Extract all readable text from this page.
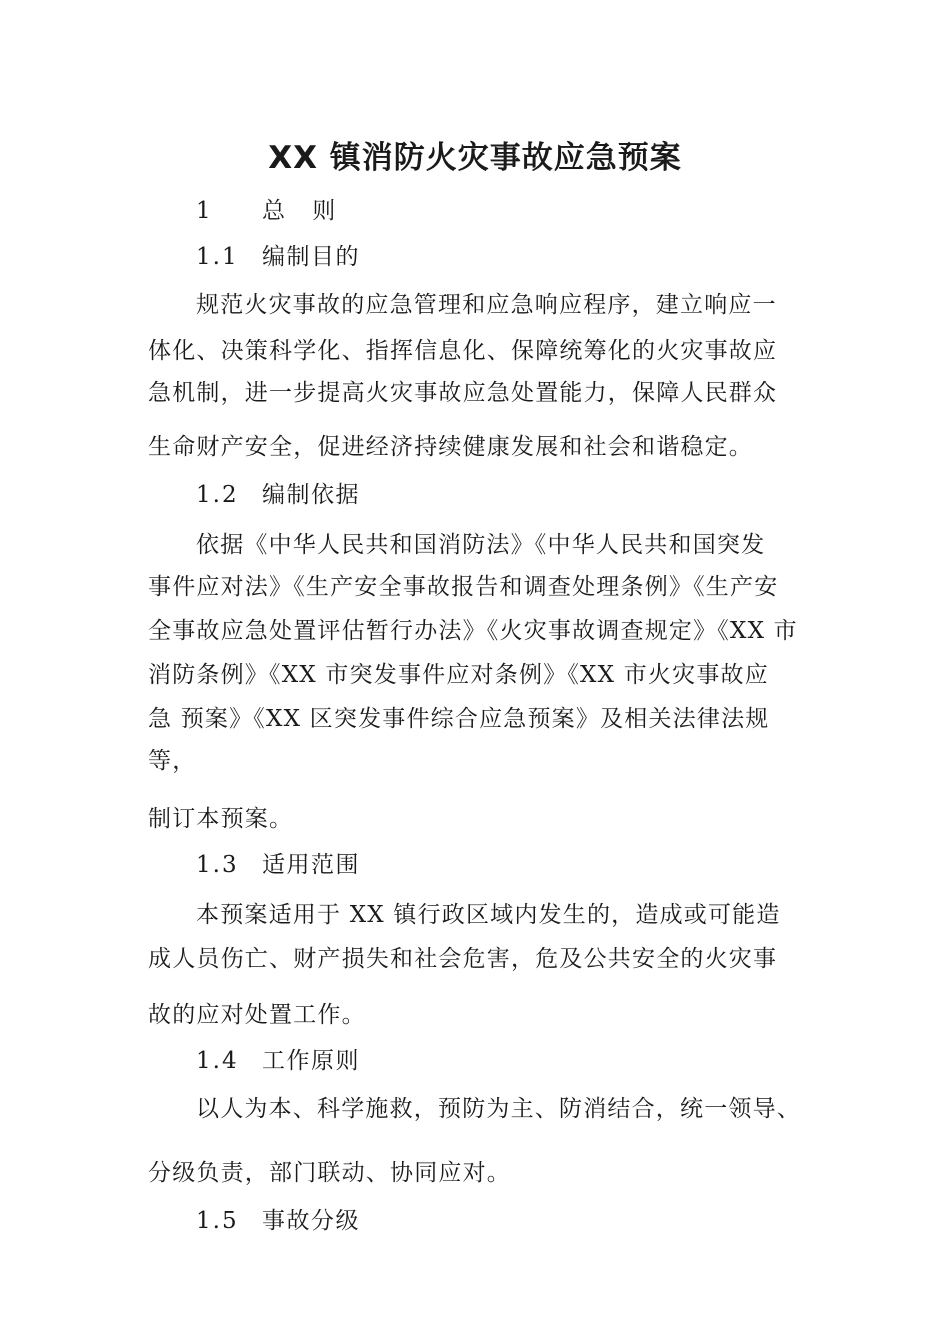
XX 镇消防火灾事故应急预案
1 总 则
1.1 编制目的
规范火灾事故的应急管理和应急响应程序，建立响应一
体化、决策科学化、指挥信息化、保障统筹化的火灾事故应
急机制，进一步提高火灾事故应急处置能力，保障人民群众
生命财产安全，促进经济持续健康发展和社会和谐稳定。
1.2 编制依据
依据《中华人民共和国消防法》《中华人民共和国突发
事件应对法》《生产安全事故报告和调查处理条例》《生产安
全事故应急处置评估暂行办法》《火灾事故调查规定》《XX 市
消防条例》《XX 市突发事件应对条例》《XX 市火灾事故应
急 预案》《XX 区突发事件综合应急预案》及相关法律法规
等，
制订本预案。
1.3 适用范围
本预案适用于 XX 镇行政区域内发生的，造成或可能造
成人员伤亡、财产损失和社会危害，危及公共安全的火灾事
故的应对处置工作。
1.4 工作原则
以人为本、科学施救，预防为主、防消结合，统一领导、
分级负责，部门联动、协同应对。
1.5 事故分级
